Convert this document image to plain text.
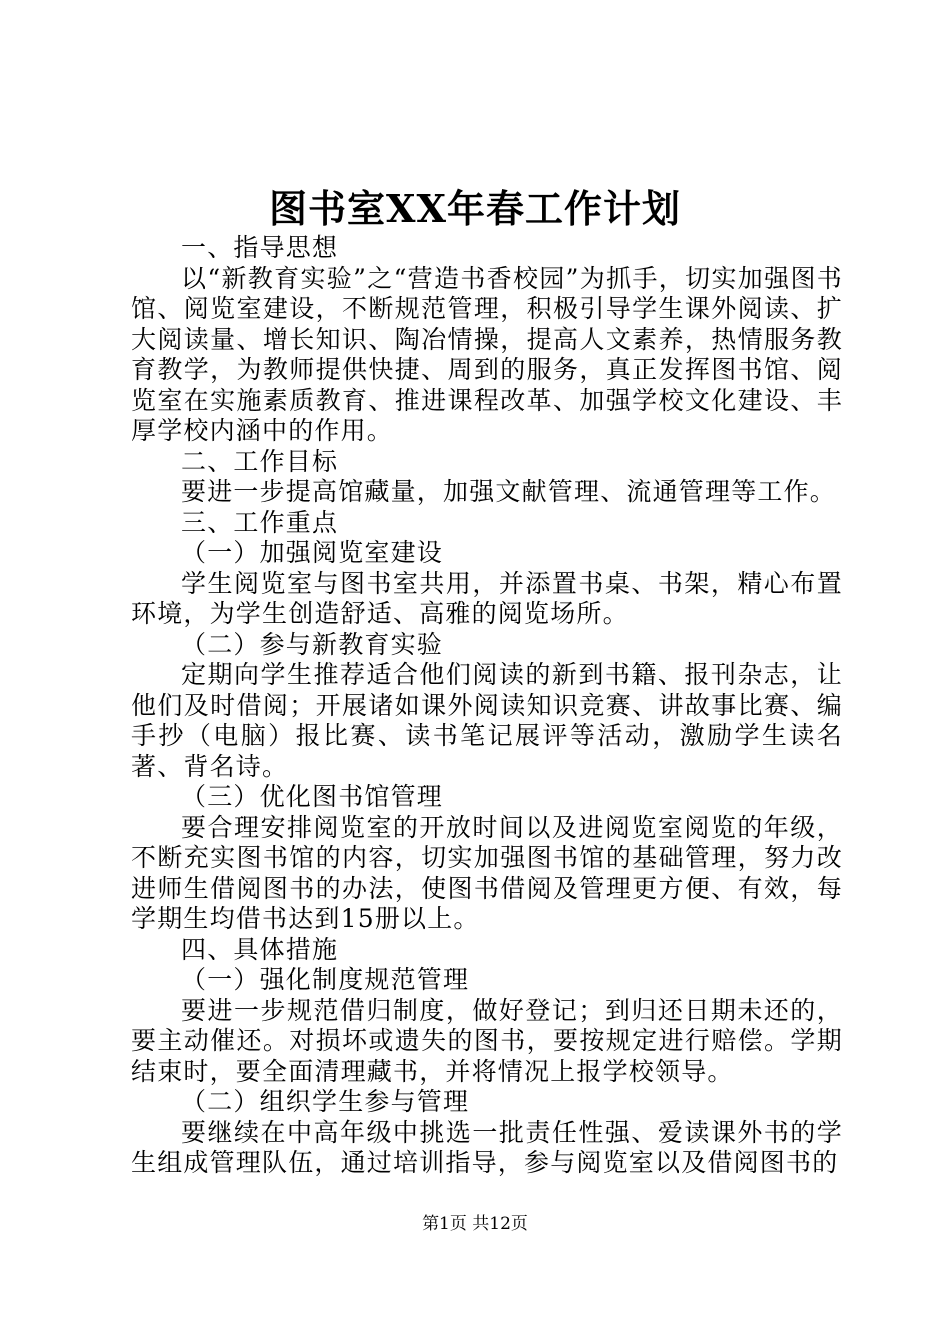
图书室XX年春工作计划

一、指导思想

以“新教育实验”之“营造书香校园”为抓手，切实加强图书馆、阅览室建设，不断规范管理，积极引导学生课外阅读、扩大阅读量、增长知识、陶冶情操，提高人文素养，热情服务教育教学，为教师提供快捷、周到的服务，真正发挥图书馆、阅览室在实施素质教育、推进课程改革、加强学校文化建设、丰厚学校内涵中的作用。

二、工作目标

要进一步提高馆藏量，加强文献管理、流通管理等工作。

三、工作重点

（一）加强阅览室建设

学生阅览室与图书室共用，并添置书桌、书架，精心布置环境，为学生创造舒适、高雅的阅览场所。

（二）参与新教育实验

定期向学生推荐适合他们阅读的新到书籍、报刊杂志，让他们及时借阅；开展诸如课外阅读知识竞赛、讲故事比赛、编手抄（电脑）报比赛、读书笔记展评等活动，激励学生读名著、背名诗。

（三）优化图书馆管理

要合理安排阅览室的开放时间以及进阅览室阅览的年级，不断充实图书馆的内容，切实加强图书馆的基础管理，努力改进师生借阅图书的办法，使图书借阅及管理更方便、有效，每学期生均借书达到15册以上。

四、具体措施

（一）强化制度规范管理

要进一步规范借归制度，做好登记；到归还日期未还的，要主动催还。对损坏或遗失的图书，要按规定进行赔偿。学期结束时，要全面清理藏书，并将情况上报学校领导。

（二）组织学生参与管理

要继续在中高年级中挑选一批责任性强、爱读课外书的学生组成管理队伍，通过培训指导，参与阅览室以及借阅图书的

第1页 共12页
